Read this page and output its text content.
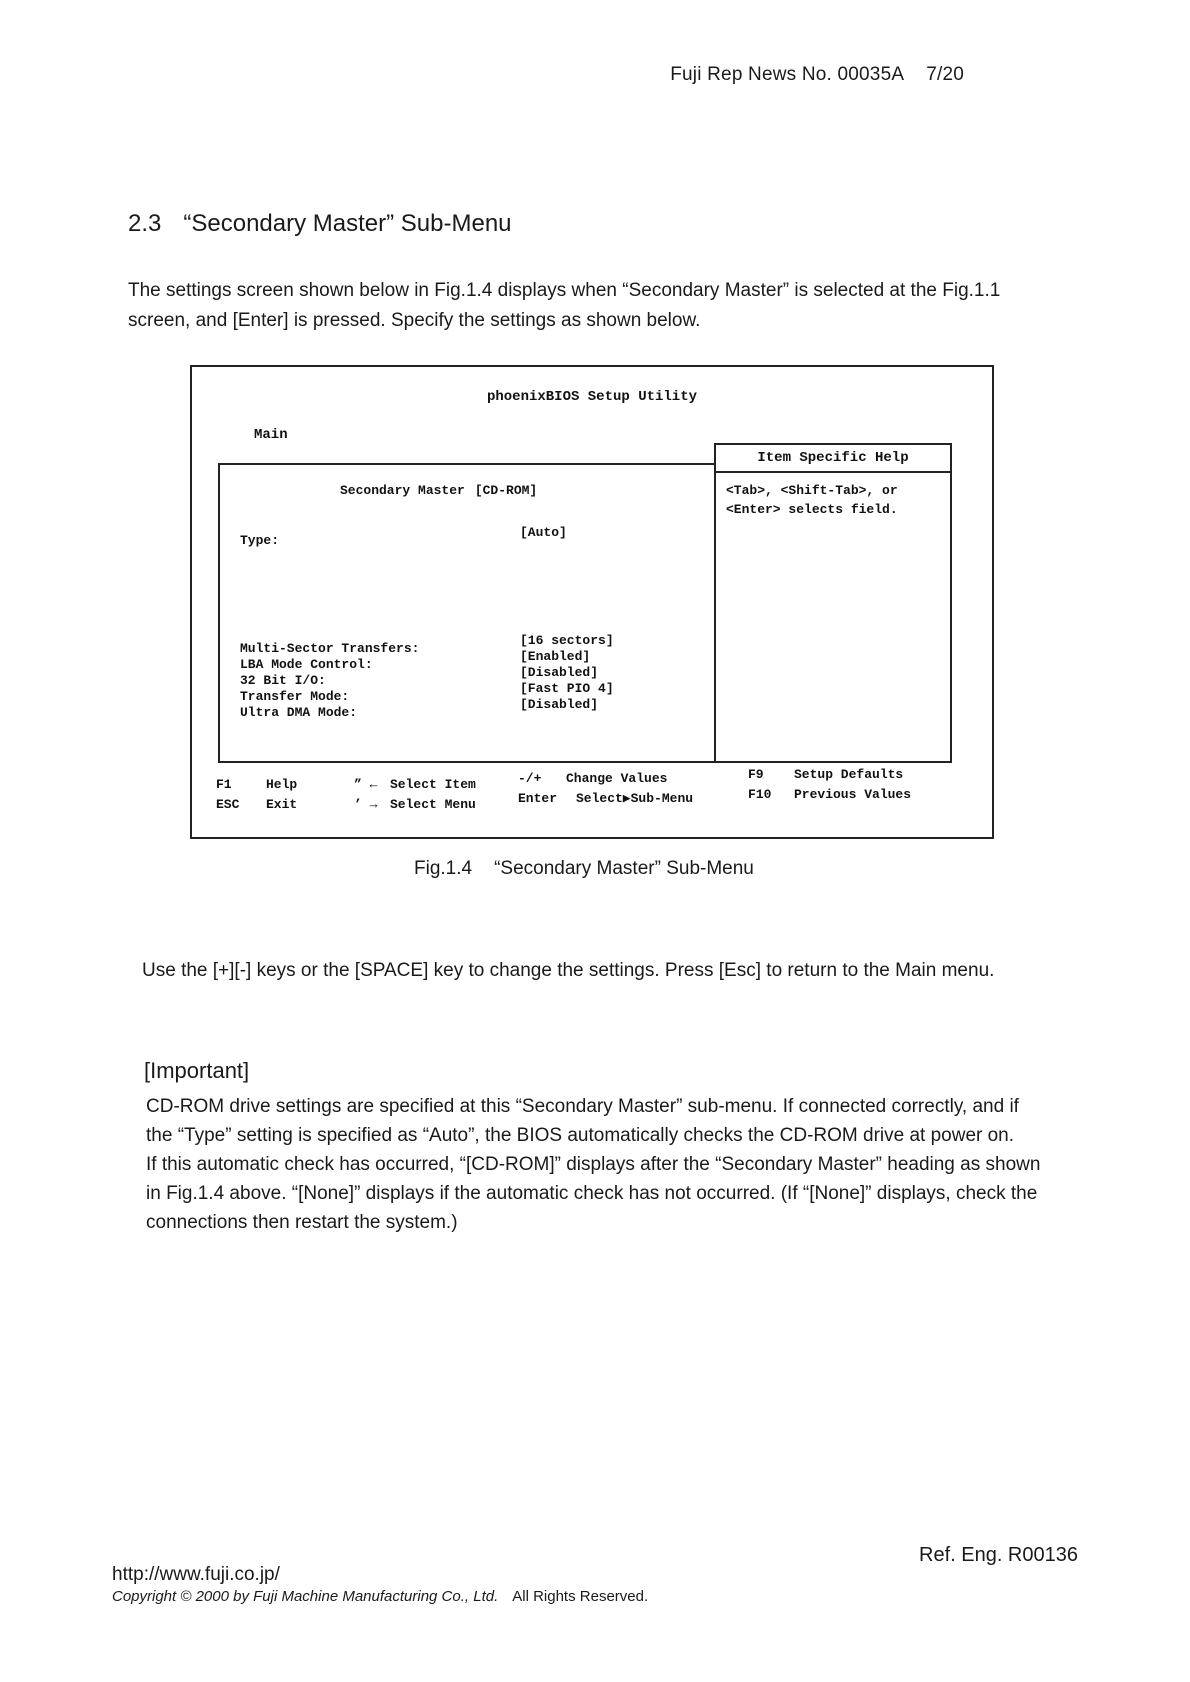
Fuji Rep News No. 00035A 7/20
2.3 “Secondary Master” Sub-Menu
The settings screen shown below in Fig.1.4 displays when “Secondary Master” is selected at the Fig.1.1 screen, and [Enter] is pressed. Specify the settings as shown below.
phoenixBIOS Setup Utility
Main
Secondary Master [CD-ROM]
Type:
[Auto]
Multi-Sector Transfers:
LBA Mode Control:
32 Bit I/O:
Transfer Mode:
Ultra DMA Mode:
[16 sectors]
[Enabled]
[Disabled]
[Fast PIO 4]
[Disabled]
Item Specific Help
<Tab>, <Shift-Tab>, or
<Enter> selects field.
F1	Help
ESC Exit
” ← Select Item
’ → Select Menu
-/+ Change Values
Enter Select▶Sub-Menu
F9 Setup Defaults
F10 Previous Values
Fig.1.4 “Secondary Master” Sub-Menu
Use the [+][-] keys or the [SPACE] key to change the settings. Press [Esc] to return to the Main menu.
[Important]
CD-ROM drive settings are specified at this “Secondary Master” sub-menu. If connected correctly, and if the “Type” setting is specified as “Auto”, the BIOS automatically checks the CD-ROM drive at power on.
If this automatic check has occurred, “[CD-ROM]” displays after the “Secondary Master” heading as shown in Fig.1.4 above. “[None]” displays if the automatic check has not occurred. (If “[None]” displays, check the connections then restart the system.)
Ref. Eng. R00136
http://www.fuji.co.jp/
Copyright © 2000 by Fuji Machine Manufacturing Co., Ltd. All Rights Reserved.
